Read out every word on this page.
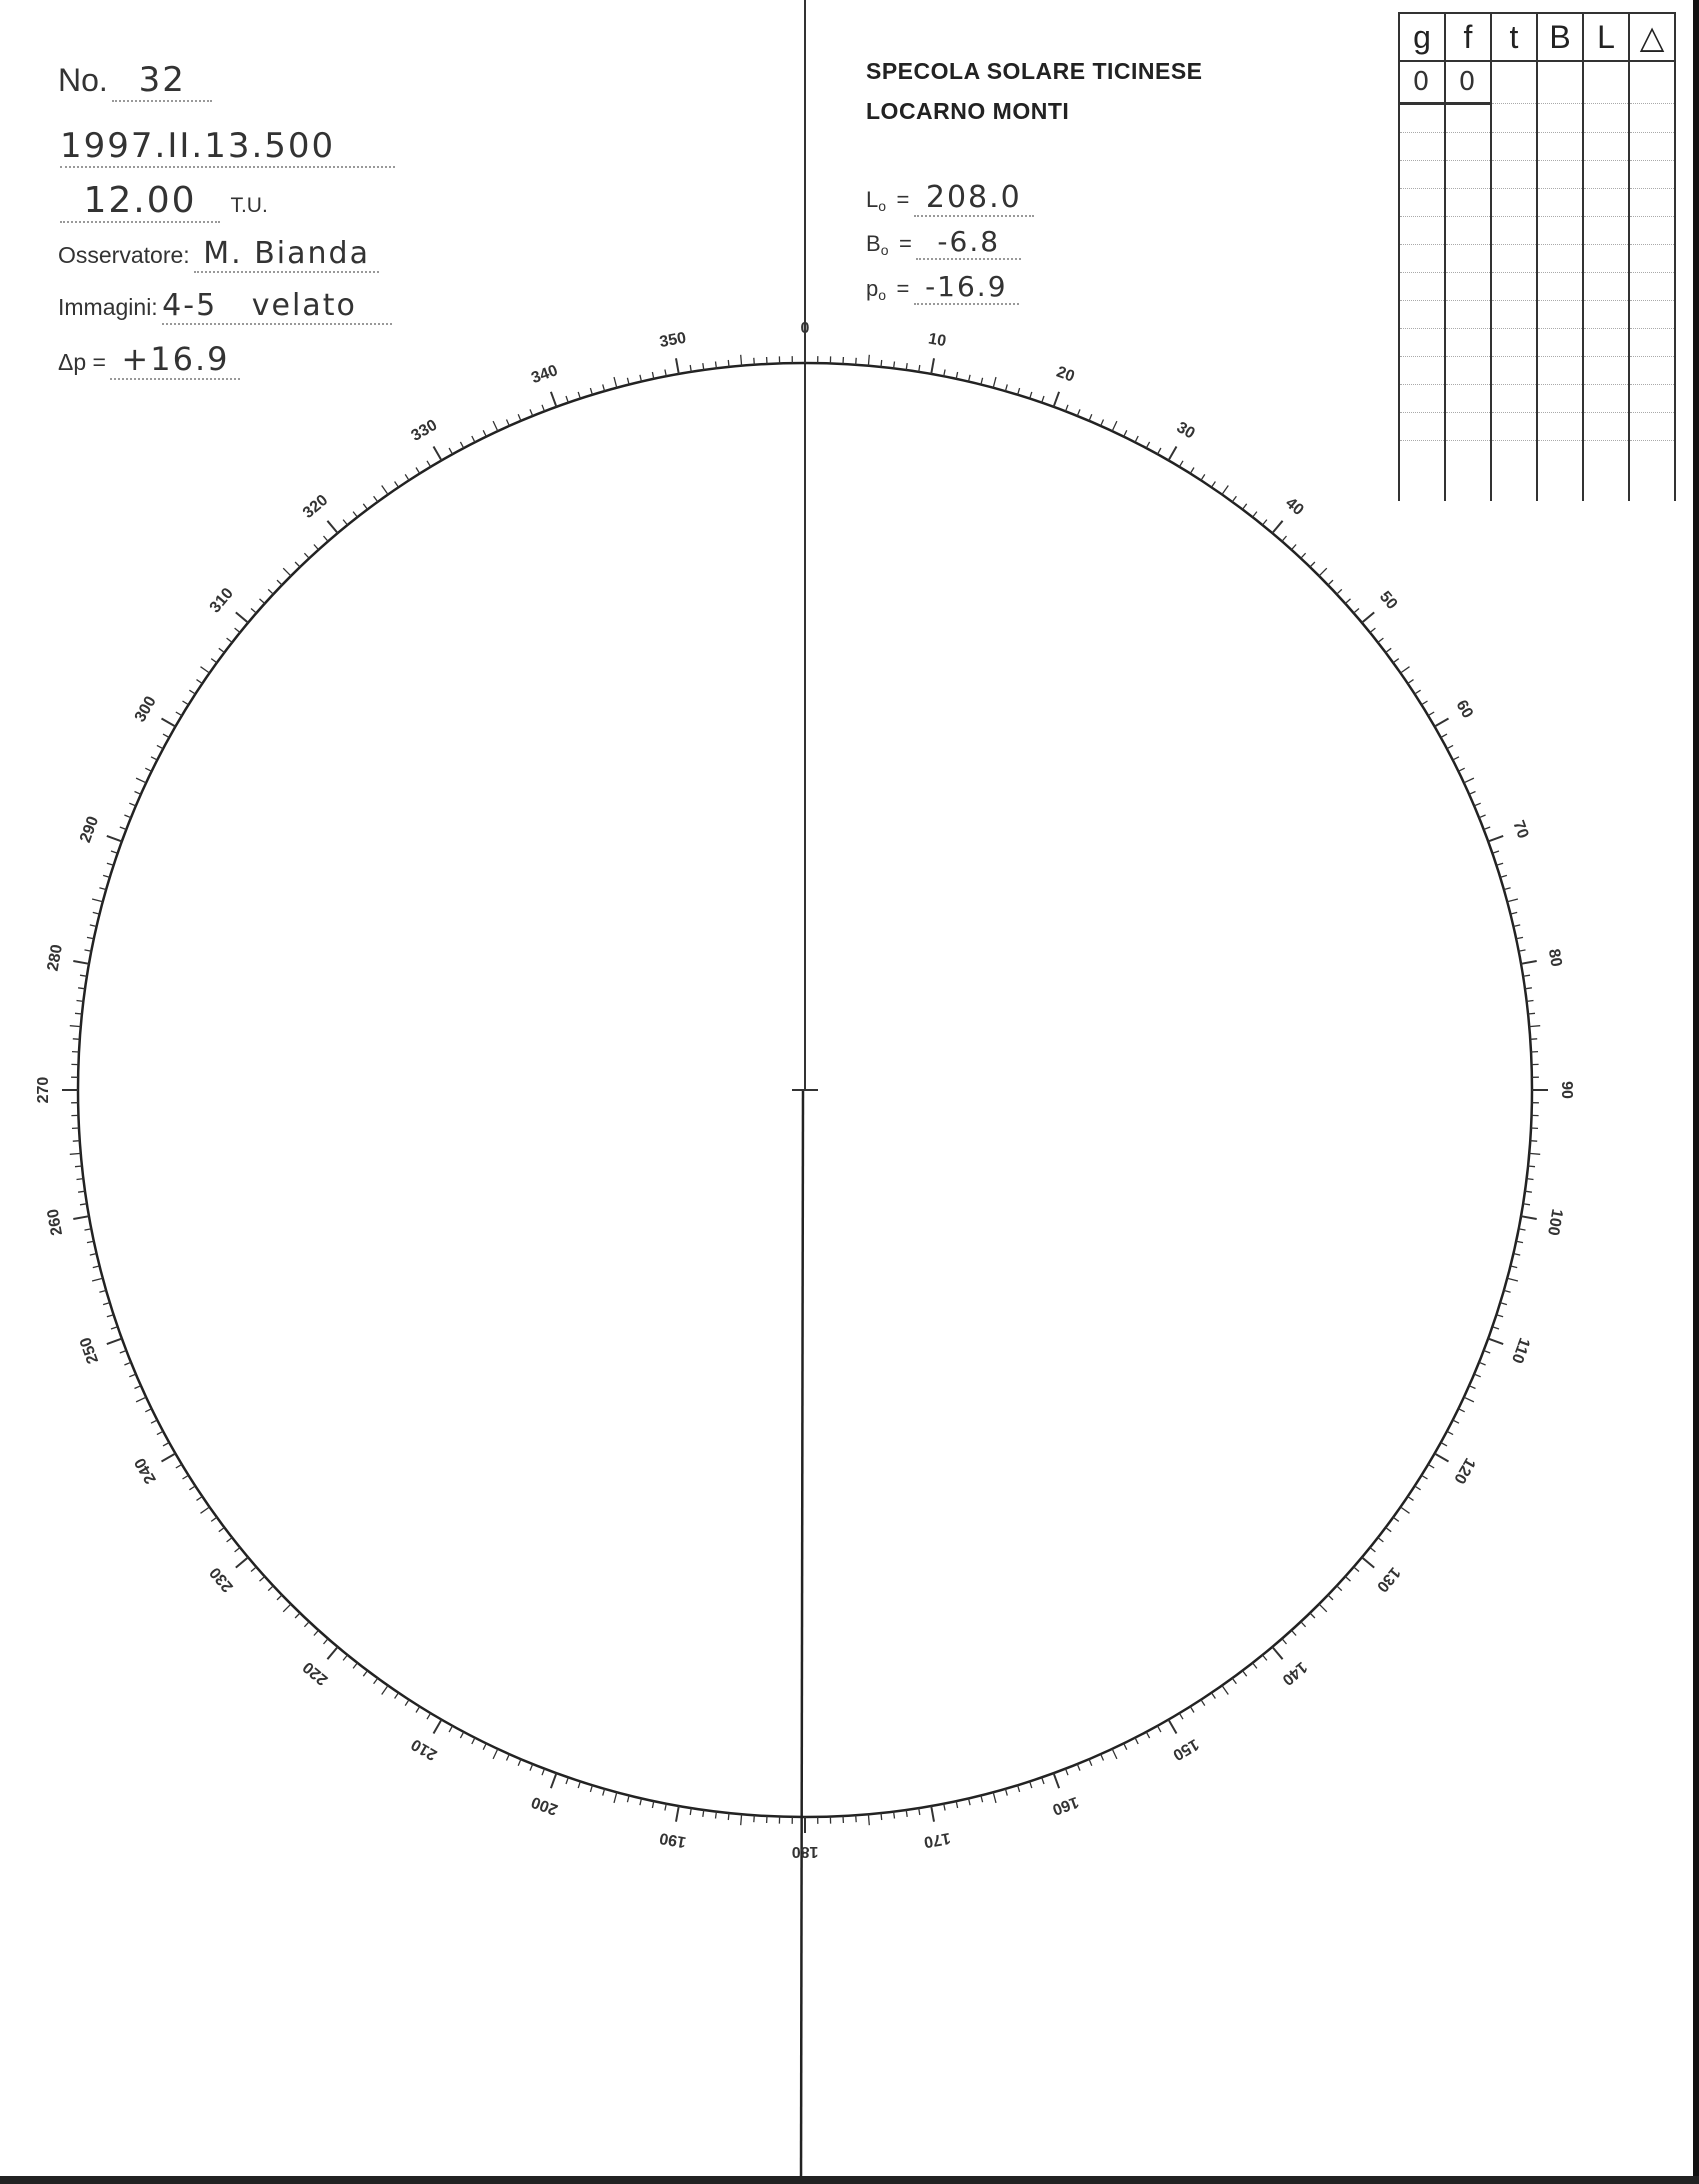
No. 32
1997.II.13.500
12.00 T.U.
Osservatore: M. Bianda
Immagini: 4-5   velato
Δp = +16.9
SPECOLA SOLARE TICINESE
LOCARNO MONTI
$L_o = 208.0$
$B_o = -6.8$
$p_o = -16.9$
g	f	t	B	L	△
0	0				

0
10
20
30
40
50
60
70
80
90
100
110
120
130
140
150
160
170
180
190
200
210
220
230
240
250
260
270
280
290
300
310
320
330
340
350
